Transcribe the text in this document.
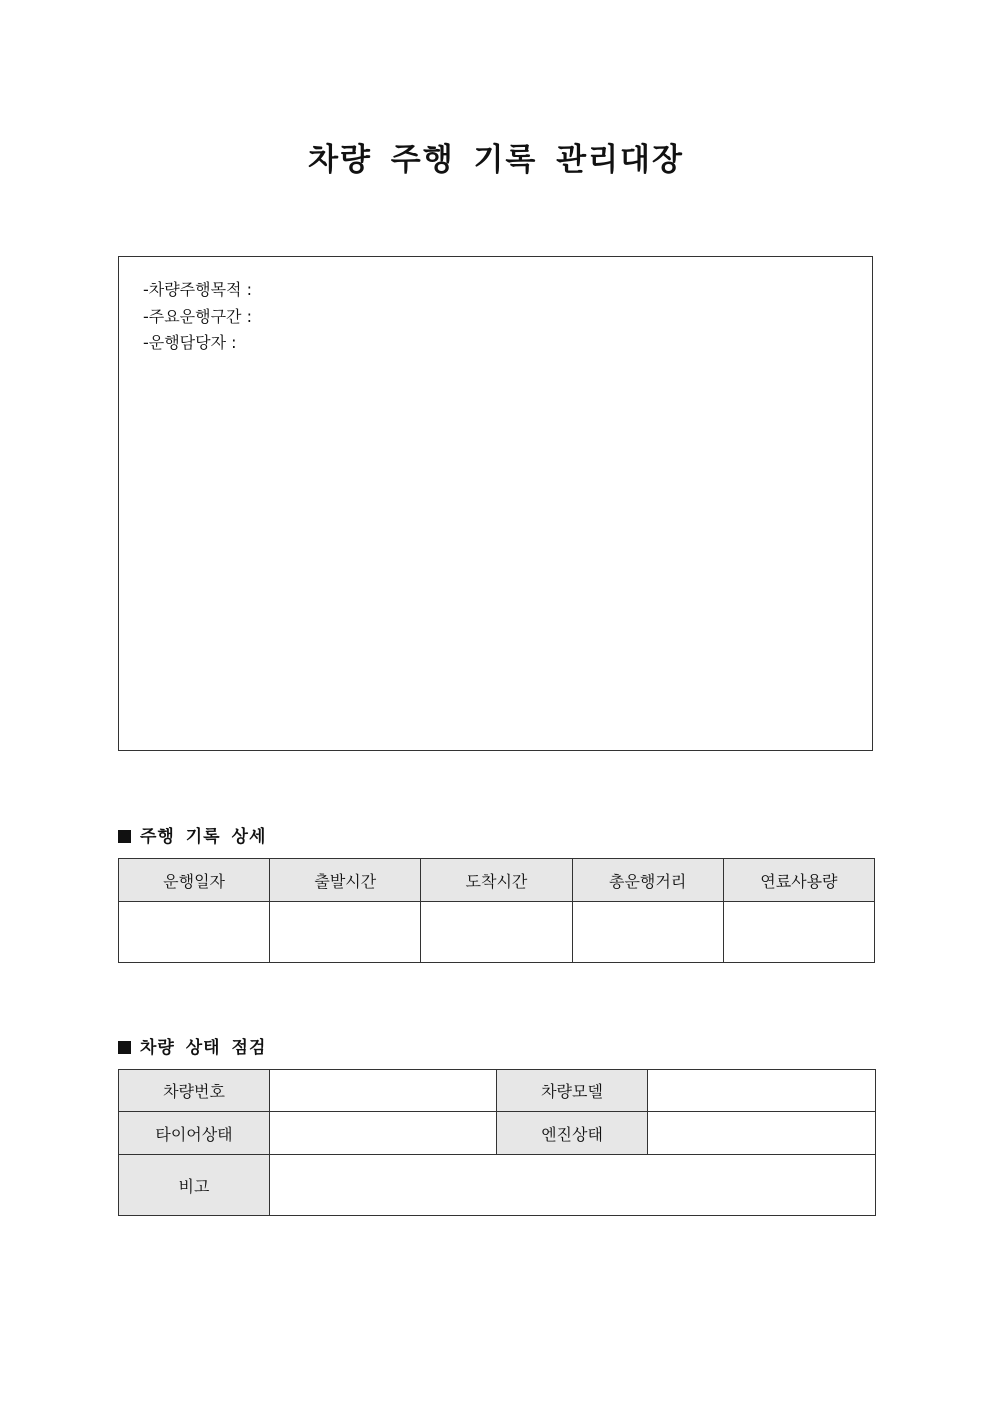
차량 주행 기록 관리대장
-차량주행목적 :
-주요운행구간 :
-운행담당자 :
주행 기록 상세
운행일자	출발시간	도착시간	총운행거리	연료사용량

차량 상태 점검
차량번호		차량모델	
타이어상태		엔진상태	
비고			
